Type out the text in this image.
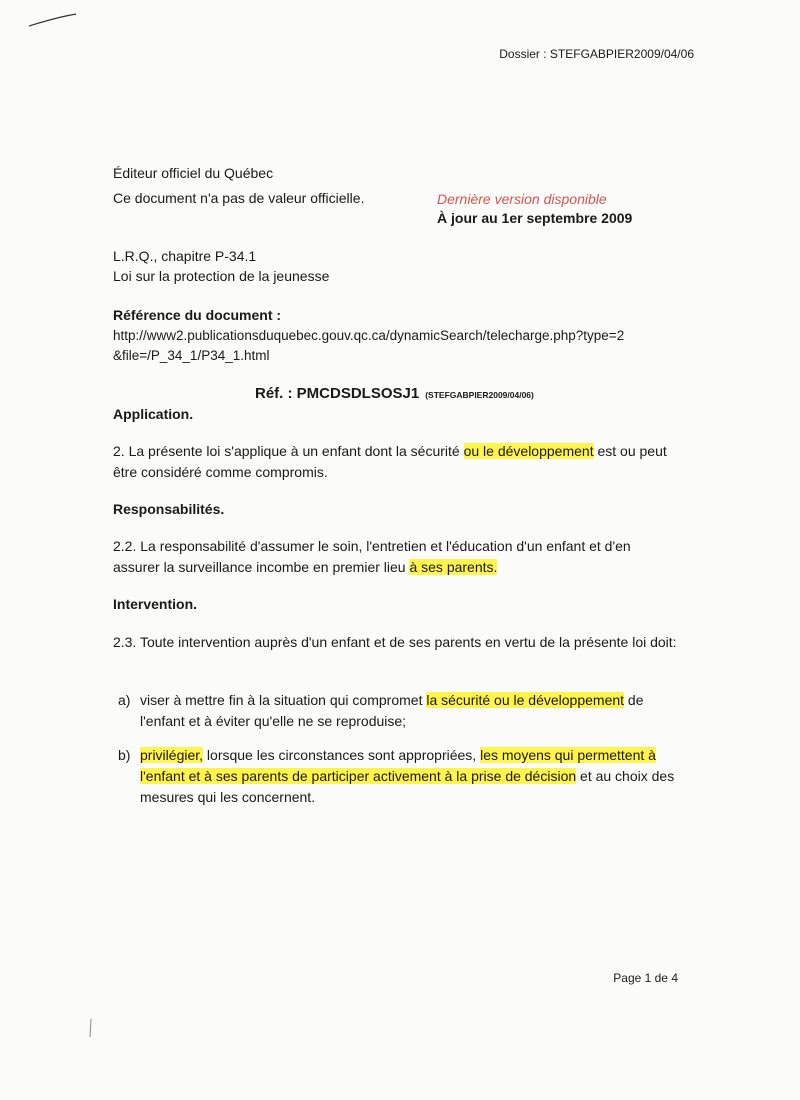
Dossier : STEFGABPIER2009/04/06
Éditeur officiel du Québec
Ce document n'a pas de valeur officielle.	Dernière version disponible
À jour au 1er septembre 2009
L.R.Q., chapitre P-34.1
Loi sur la protection de la jeunesse
Référence du document :
http://www2.publicationsduquebec.gouv.qc.ca/dynamicSearch/telecharge.php?type=2
&file=/P_34_1/P34_1.html
Réf. : PMCDSDLSOSJ1 (STEFGABPIER2009/04/06)
Application.
2. La présente loi s'applique à un enfant dont la sécurité ou le développement est ou peut être considéré comme compromis.
Responsabilités.
2.2. La responsabilité d'assumer le soin, l'entretien et l'éducation d'un enfant et d'en assurer la surveillance incombe en premier lieu à ses parents.
Intervention.
2.3. Toute intervention auprès d'un enfant et de ses parents en vertu de la présente loi doit:
a) viser à mettre fin à la situation qui compromet la sécurité ou le développement de l'enfant et à éviter qu'elle ne se reproduise;
b) privilégier, lorsque les circonstances sont appropriées, les moyens qui permettent à l'enfant et à ses parents de participer activement à la prise de décision et au choix des mesures qui les concernent.
Page 1 de 4
